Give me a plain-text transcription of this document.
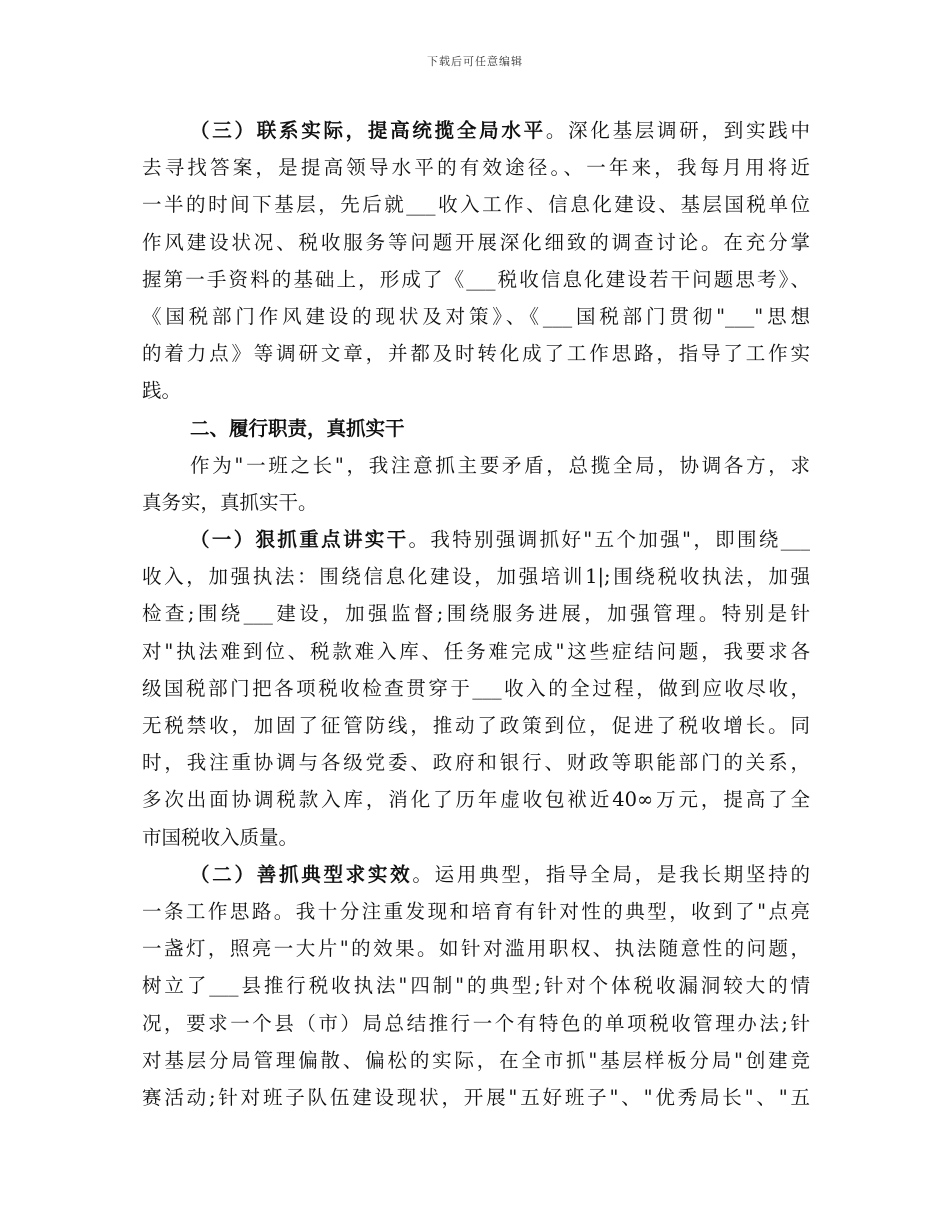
下载后可任意编辑
（三）联系实际，提高统揽全局水平。深化基层调研，到实践中
去寻找答案，是提高领导水平的有效途径。、一年来，我每月用将近
一半的时间下基层，先后就___收入工作、信息化建设、基层国税单位
作风建设状况、税收服务等问题开展深化细致的调查讨论。在充分掌
握第一手资料的基础上，形成了《___税收信息化建设若干问题思考》、
《国税部门作风建设的现状及对策》、《___国税部门贯彻"___"思想
的着力点》等调研文章，并都及时转化成了工作思路，指导了工作实
践。
二、履行职责，真抓实干
作为"一班之长"，我注意抓主要矛盾，总揽全局，协调各方，求
真务实，真抓实干。
（一）狠抓重点讲实干。我特别强调抓好"五个加强"，即围绕___
收入，加强执法：围绕信息化建设，加强培训1|;围绕税收执法，加强
检查;围绕___建设，加强监督;围绕服务进展，加强管理。特别是针
对"执法难到位、税款难入库、任务难完成"这些症结问题，我要求各
级国税部门把各项税收检查贯穿于___收入的全过程，做到应收尽收，
无税禁收，加固了征管防线，推动了政策到位，促进了税收增长。同
时，我注重协调与各级党委、政府和银行、财政等职能部门的关系，
多次出面协调税款入库，消化了历年虚收包袱近40∞万元，提高了全
市国税收入质量。
（二）善抓典型求实效。运用典型，指导全局，是我长期坚持的
一条工作思路。我十分注重发现和培育有针对性的典型，收到了"点亮
一盏灯，照亮一大片"的效果。如针对滥用职权、执法随意性的问题，
树立了___县推行税收执法"四制"的典型;针对个体税收漏洞较大的情
况，要求一个县（市）局总结推行一个有特色的单项税收管理办法;针
对基层分局管理偏散、偏松的实际，在全市抓"基层样板分局"创建竞
赛活动;针对班子队伍建设现状，开展"五好班子"、"优秀局长"、"五
